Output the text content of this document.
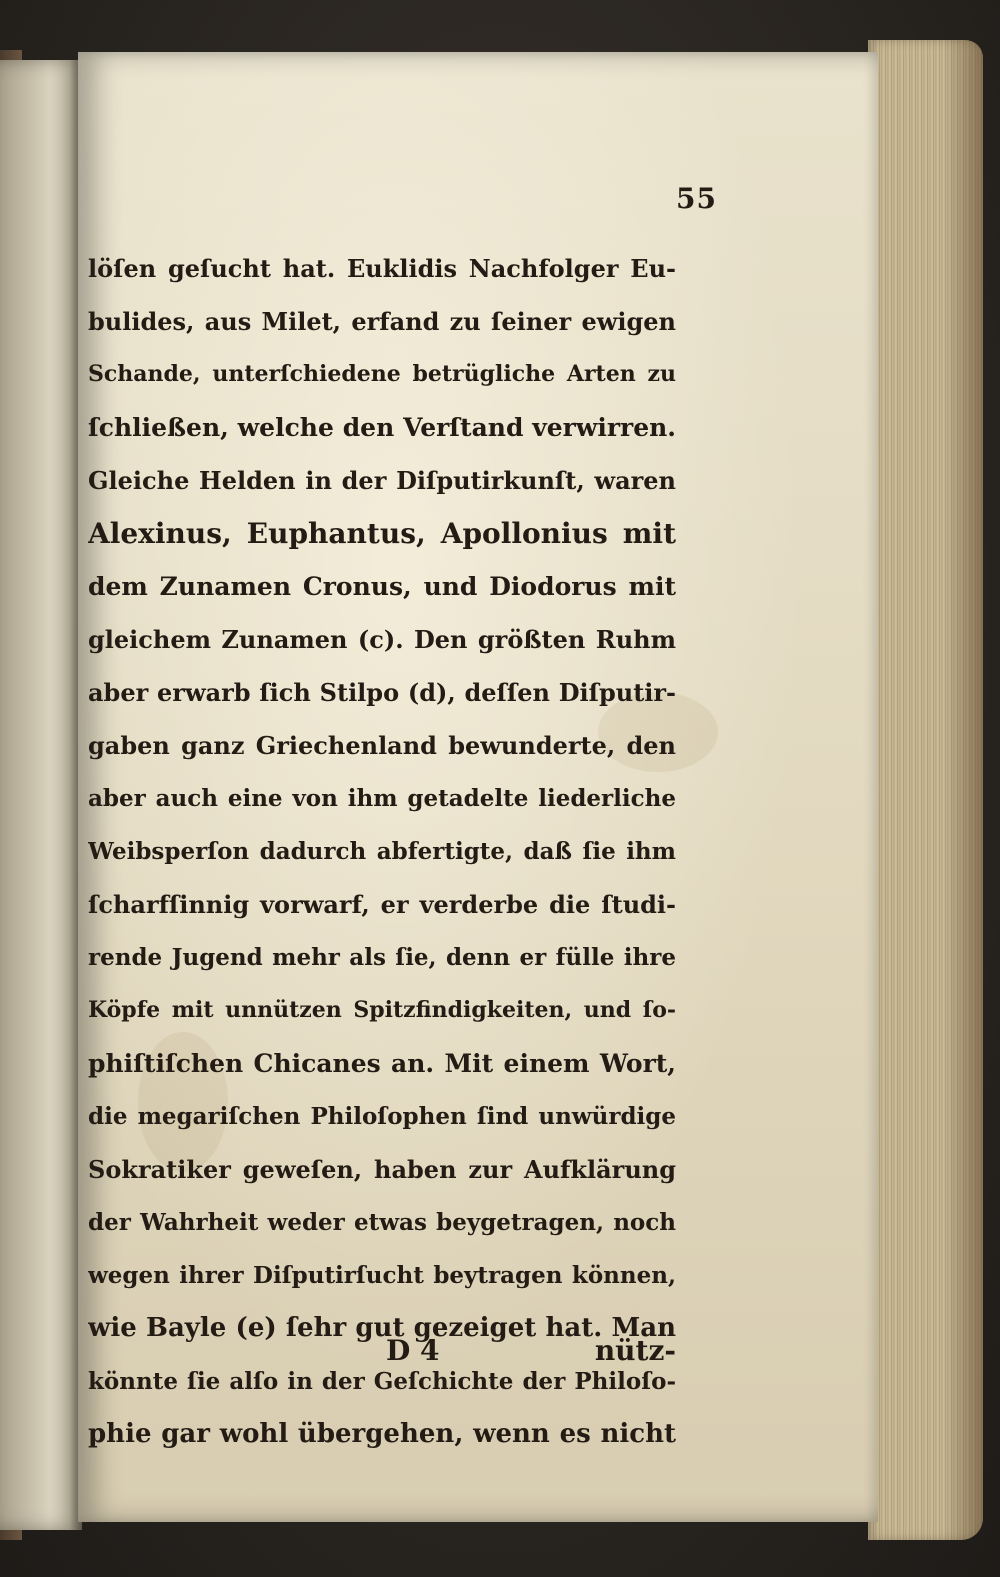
55
löſen geſucht hat. Euklidis Nachfolger Eu-
bulides, aus Milet, erfand zu ſeiner ewigen
Schande, unterſchiedene betrügliche Arten zu
ſchließen, welche den Verſtand verwirren.
Gleiche Helden in der Diſputirkunſt, waren
Alexinus, Euphantus, Apollonius mit
dem Zunamen Cronus, und Diodorus mit
gleichem Zunamen (c). Den größten Ruhm
aber erwarb ſich Stilpo (d), deſſen Diſputir-
gaben ganz Griechenland bewunderte, den
aber auch eine von ihm getadelte liederliche
Weibsperſon dadurch abfertigte, daß ſie ihm
ſcharfſinnig vorwarf, er verderbe die ſtudi-
rende Jugend mehr als ſie, denn er fülle ihre
Köpfe mit unnützen Spitzfindigkeiten, und ſo-
phiſtiſchen Chicanes an. Mit einem Wort,
die megariſchen Philoſophen ſind unwürdige
Sokratiker geweſen, haben zur Aufklärung
der Wahrheit weder etwas beygetragen, noch
wegen ihrer Diſputirſucht beytragen können,
wie Bayle (e) ſehr gut gezeiget hat. Man
könnte ſie alſo in der Geſchichte der Philoſo-
phie gar wohl übergehen, wenn es nicht
D 4	nütz-
